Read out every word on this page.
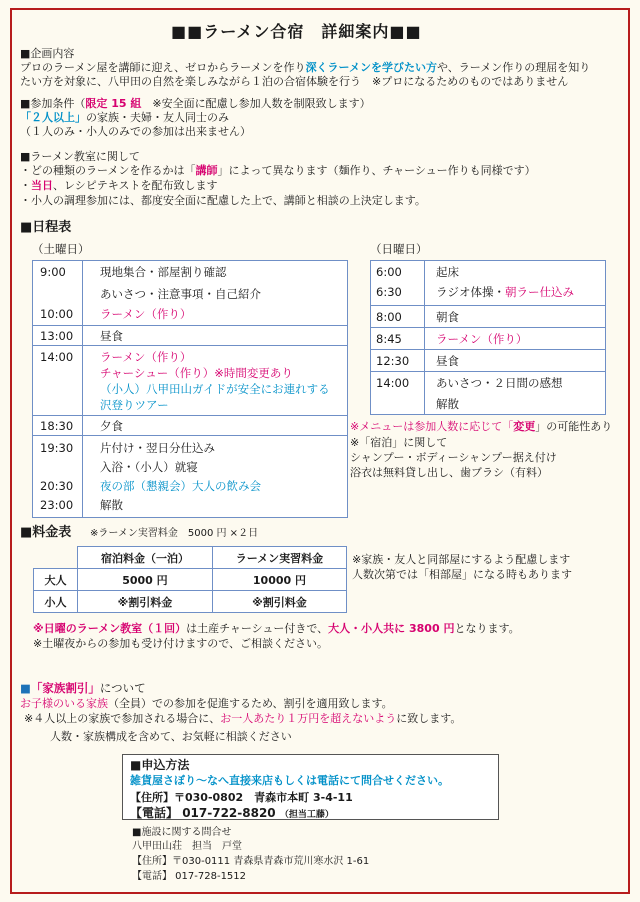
■■ラーメン合宿　詳細案内■■
■企画内容
プロのラーメン屋を講師に迎え、ゼロからラーメンを作り深くラーメンを学びたい方や、ラーメン作りの理屈を知り
たい方を対象に、八甲田の自然を楽しみながら１泊の合宿体験を行う　※プロになるためのものではありません
■参加条件（限定 15 組　※安全面に配慮し参加人数を制限致します）
「２人以上」の家族・夫婦・友人同士のみ
（１人のみ・小人のみでの参加は出来ません）
■ラーメン教室に関して
・どの種類のラーメンを作るかは「講師」によって異なります（麺作り、チャーシュー作りも同様です）
・当日、レシピテキストを配布致します
・小人の調理参加には、都度安全面に配慮した上で、講師と相談の上決定します。
■日程表
（土曜日）	（日曜日）
9:00	現地集合・部屋割り確認
あいさつ・注意事項・自己紹介
10:00 ラーメン（作り）
13:00 昼食
14:00 ラーメン（作り）
チャーシュー（作り）※時間変更あり
（小人）八甲田山ガイドが安全にお連れする
沢登りツアー
18:30 夕食
19:30 片付け・翌日分仕込み
入浴・（小人）就寝
20:30 夜の部（懇親会）大人の飲み会
23:00 解散
6:00	起床
6:30	ラジオ体操・朝ラー仕込み
8:00	朝食
8:45	ラーメン（作り）
12:30 昼食
14:00 あいさつ・２日間の感想
解散
※メニューは参加人数に応じて「変更」の可能性あり
※「宿泊」に関して
シャンプー・ボディーシャンプー据え付け
浴衣は無料貸し出し、歯ブラシ（有料）
■料金表 ※ラーメン実習料金　5000 円 ×２日
	宿泊料金（一泊）	ラーメン実習料金
大人	5000 円	10000 円
小人	※割引料金	※割引料金
※家族・友人と同部屋にするよう配慮します
人数次第では「相部屋」になる時もあります
※日曜のラーメン教室（１回）は土産チャーシュー付きで、大人・小人共に 3800 円となります。
※土曜夜からの参加も受け付けますので、ご相談ください。
■「家族割引」について
お子様のいる家族（全員）での参加を促進するため、割引を適用致します。
※４人以上の家族で参加される場合に、お一人あたり１万円を超えないように致します。
人数・家族構成を含めて、お気軽に相談ください
■申込方法
雑貨屋さぼり〜なへ直接来店もしくは電話にて問合せください。
【住所】〒030-0802　青森市本町 3-4-11
【電話】 017-722-8820 （担当工藤）
■施設に関する問合せ
八甲田山荘　担当　戸堂
【住所】〒030-0111 青森県青森市荒川寒水沢 1-61
【電話】 017-728-1512
